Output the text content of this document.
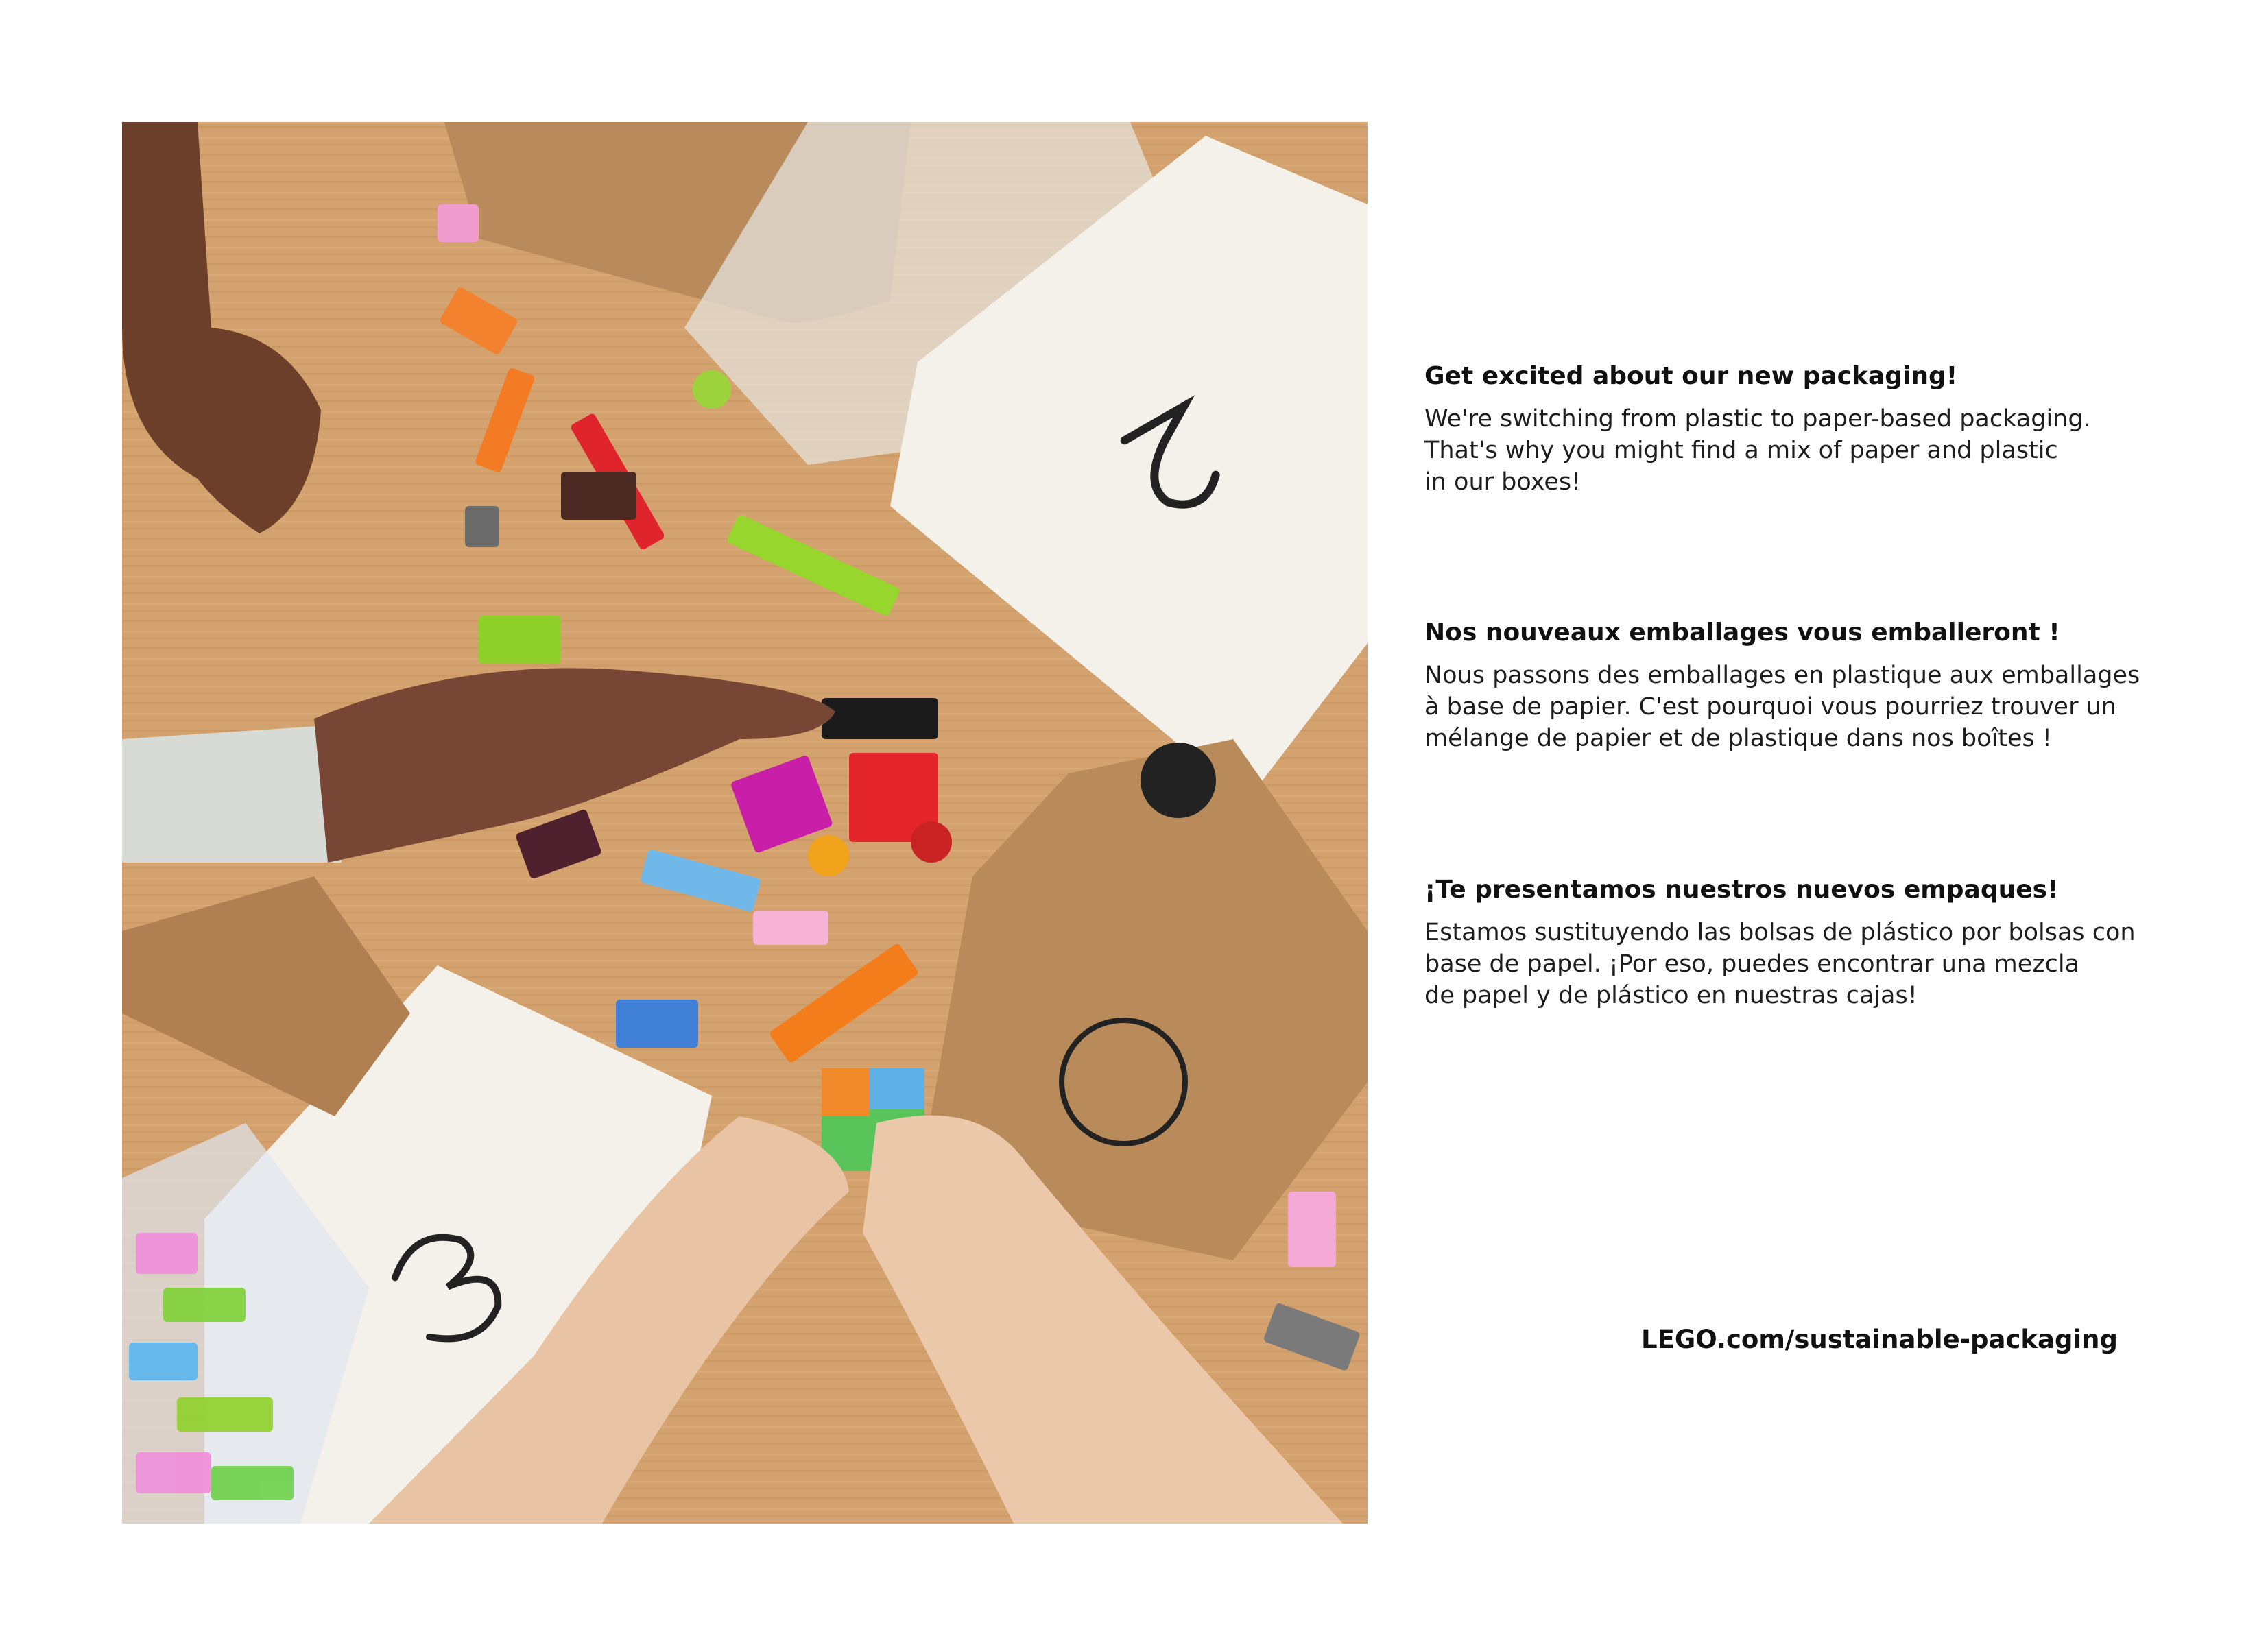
Get excited about our new packaging!

We're switching from plastic to paper-based packaging.

That's why you might find a mix of paper and plastic

in our boxes!

Nos nouveaux emballages vous emballeront !

Nous passons des emballages en plastique aux emballages

à base de papier. C'est pourquoi vous pourriez trouver un

mélange de papier et de plastique dans nos boîtes !

¡Te presentamos nuestros nuevos empaques!

Estamos sustituyendo las bolsas de plástico por bolsas con

base de papel. ¡Por eso, puedes encontrar una mezcla

de papel y de plástico en nuestras cajas!

LEGO.com/sustainable-packaging
